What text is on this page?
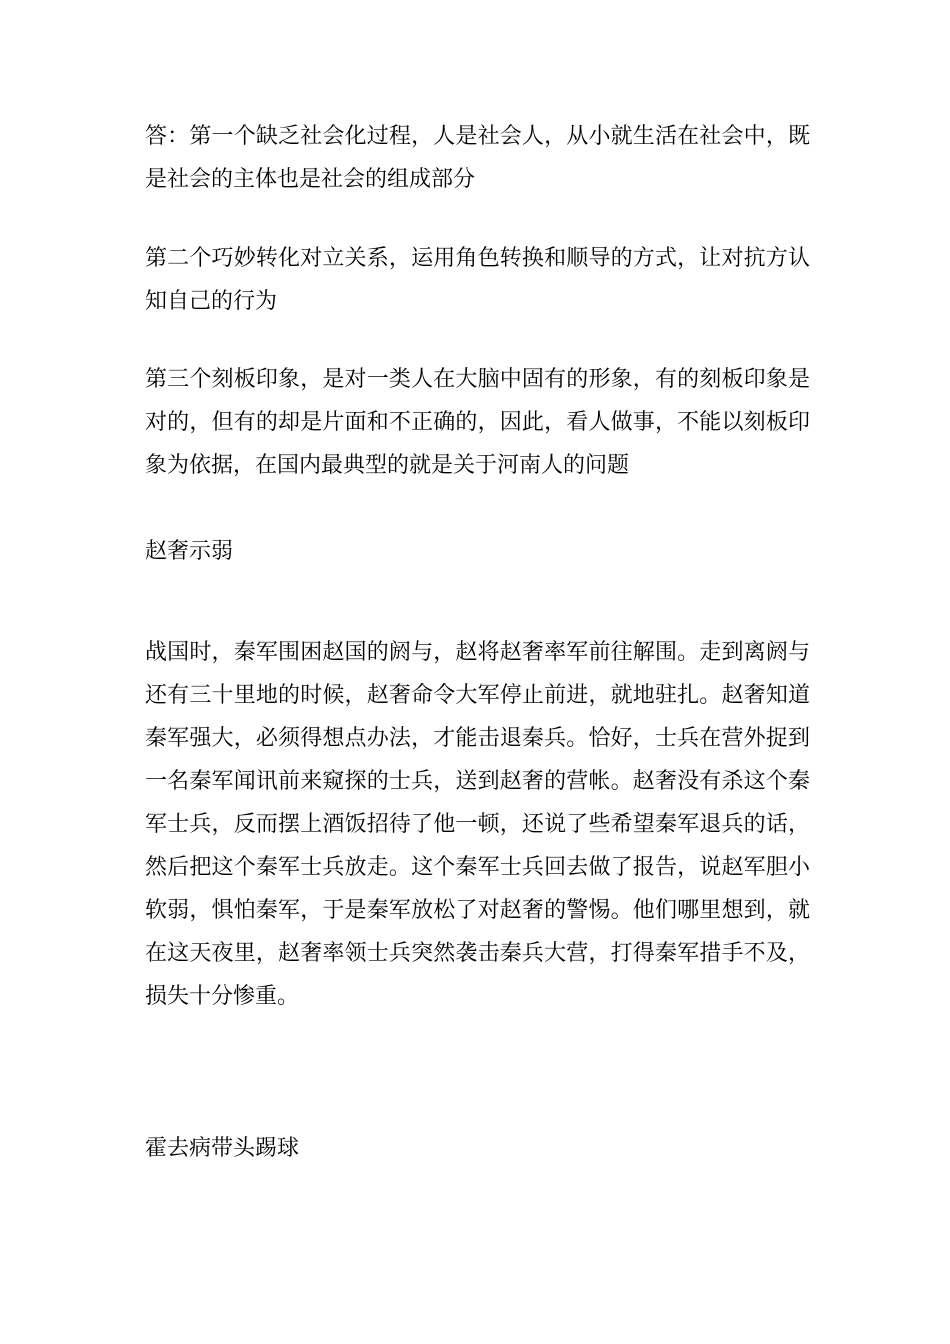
答：第一个缺乏社会化过程，人是社会人，从小就生活在社会中，既是社会的主体也是社会的组成部分

第二个巧妙转化对立关系，运用角色转换和顺导的方式，让对抗方认知自己的行为

第三个刻板印象，是对一类人在大脑中固有的形象，有的刻板印象是对的，但有的却是片面和不正确的，因此，看人做事，不能以刻板印象为依据，在国内最典型的就是关于河南人的问题

赵奢示弱

战国时，秦军围困赵国的阏与，赵将赵奢率军前往解围。走到离阏与还有三十里地的时候，赵奢命令大军停止前进，就地驻扎。赵奢知道秦军强大，必须得想点办法，才能击退秦兵。恰好，士兵在营外捉到一名秦军闻讯前来窥探的士兵，送到赵奢的营帐。赵奢没有杀这个秦军士兵，反而摆上酒饭招待了他一顿，还说了些希望秦军退兵的话，然后把这个秦军士兵放走。这个秦军士兵回去做了报告，说赵军胆小软弱，惧怕秦军，于是秦军放松了对赵奢的警惕。他们哪里想到，就在这天夜里，赵奢率领士兵突然袭击秦兵大营，打得秦军措手不及，损失十分惨重。

霍去病带头踢球
